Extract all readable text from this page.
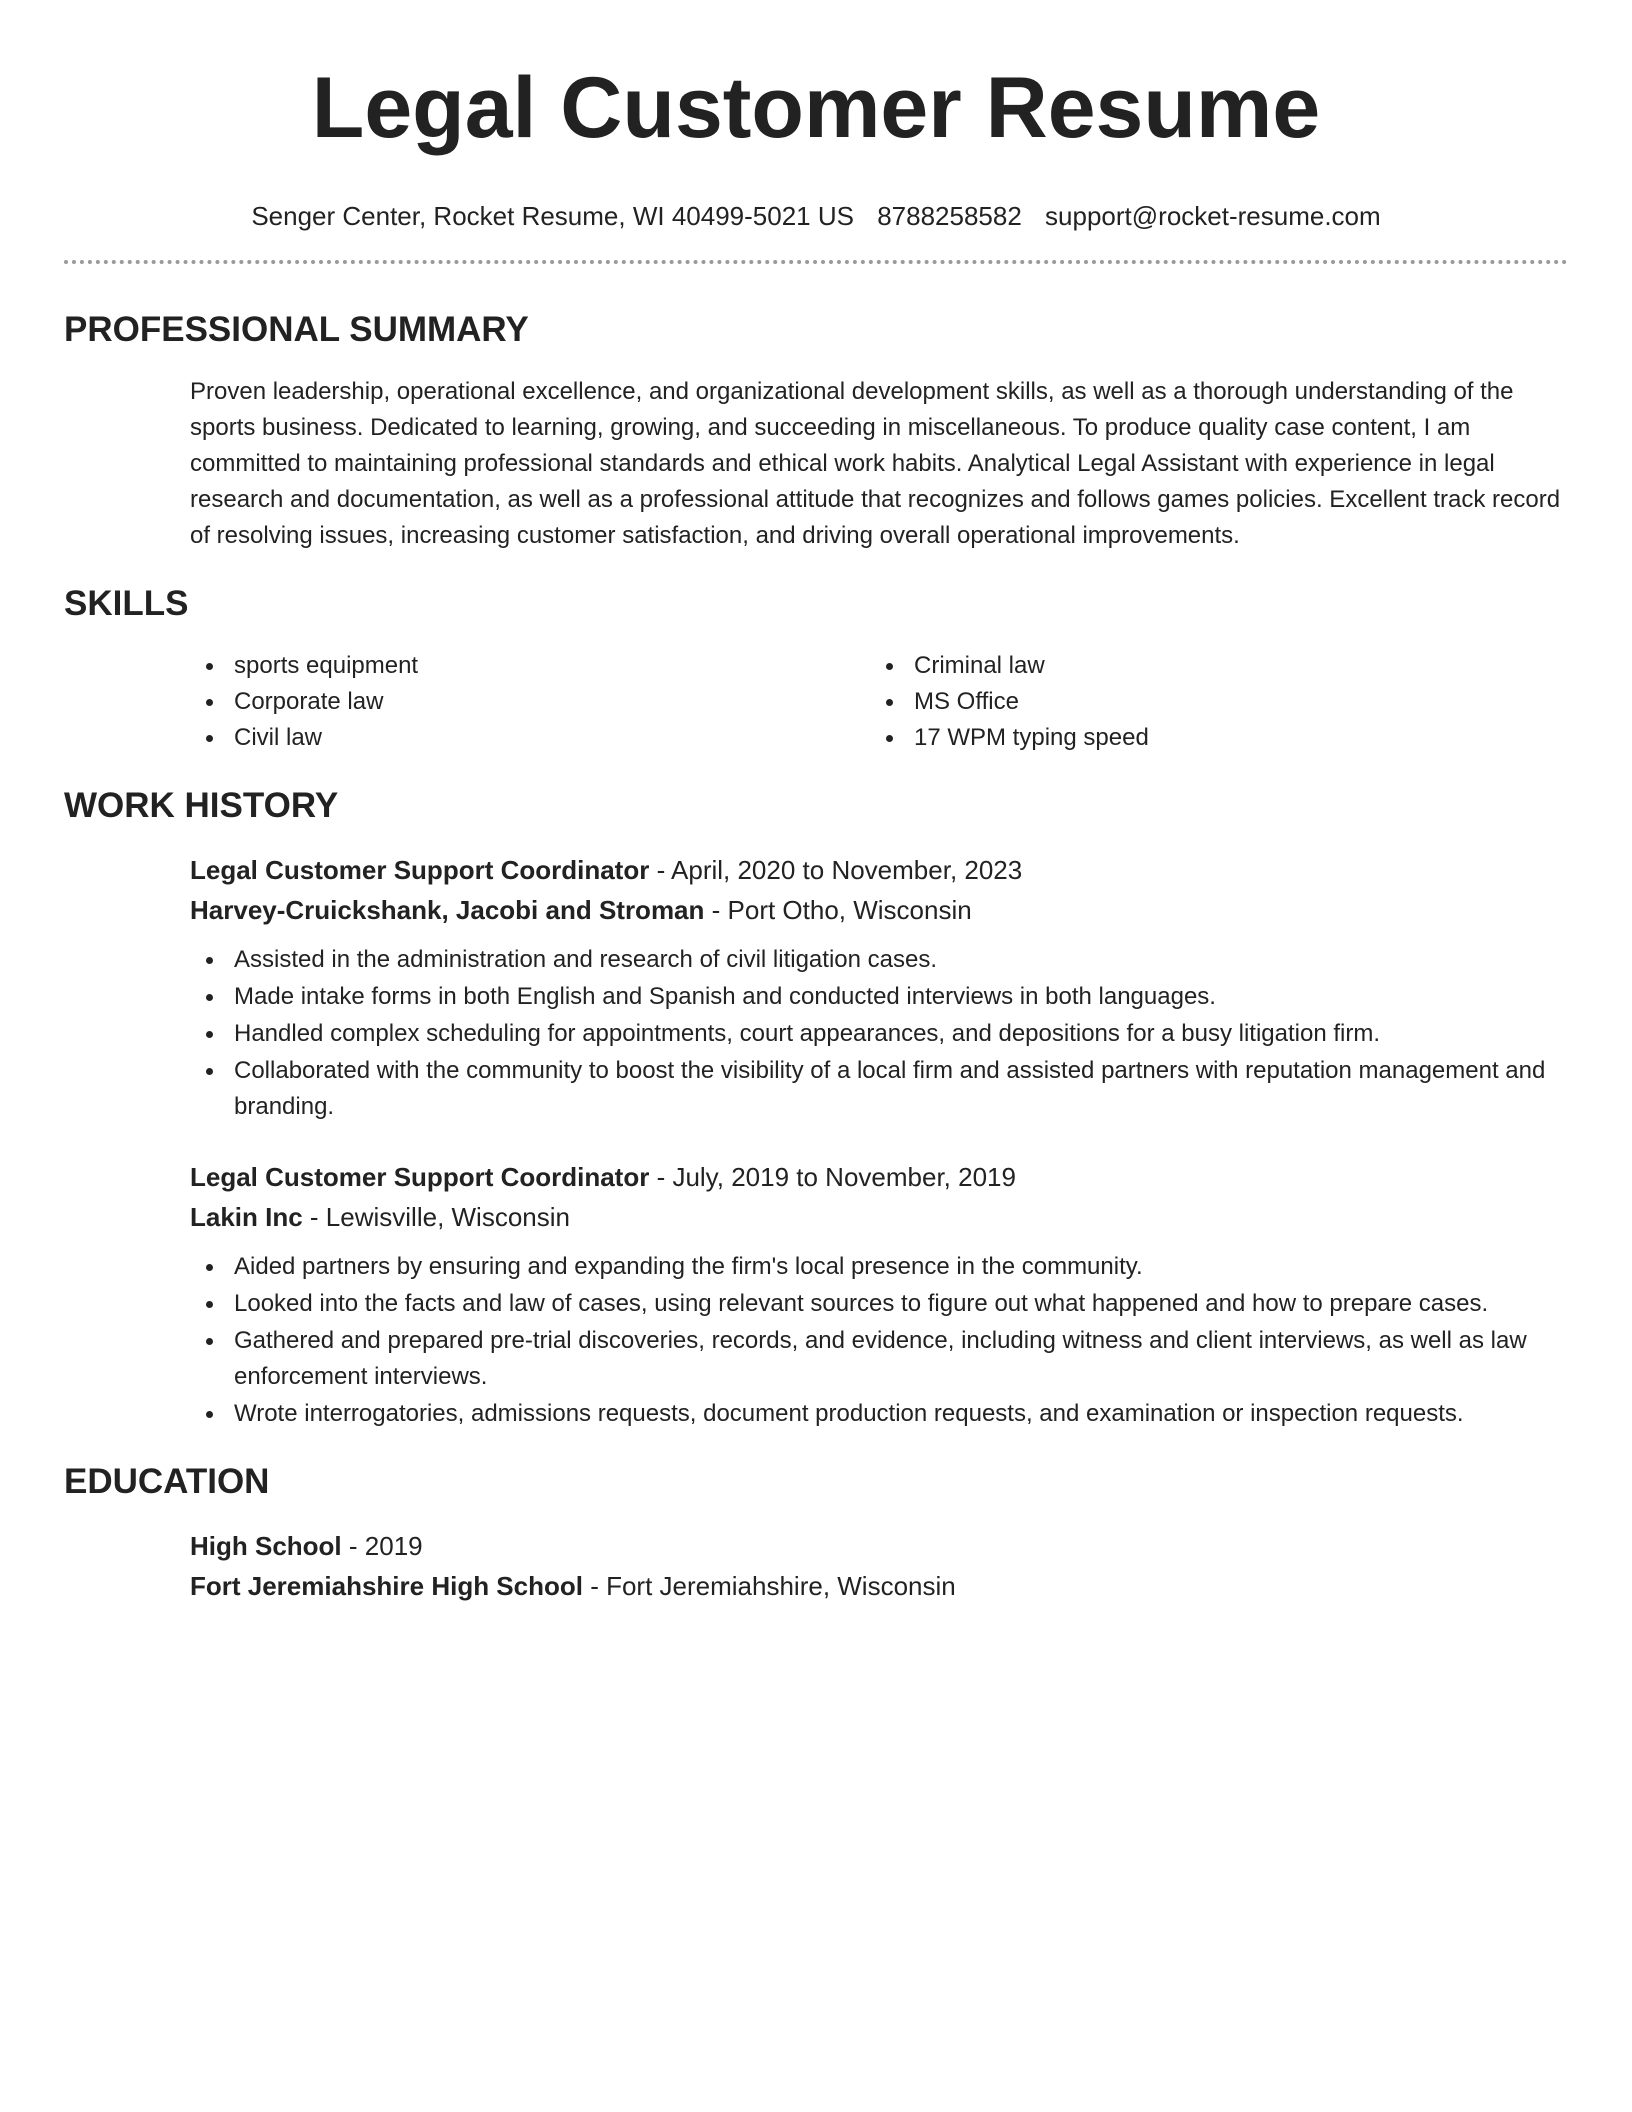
Legal Customer Resume
Senger Center, Rocket Resume, WI 40499-5021 US 8788258582 support@rocket-resume.com
PROFESSIONAL SUMMARY

Proven leadership, operational excellence, and organizational development skills, as well as a thorough understanding of the sports business. Dedicated to learning, growing, and succeeding in miscellaneous. To produce quality case content, I am committed to maintaining professional standards and ethical work habits. Analytical Legal Assistant with experience in legal research and documentation, as well as a professional attitude that recognizes and follows games policies. Excellent track record of resolving issues, increasing customer satisfaction, and driving overall operational improvements.

SKILLS
sports equipment
Corporate law
Civil law
Criminal law
MS Office
17 WPM typing speed
WORK HISTORY
Legal Customer Support Coordinator - April, 2020 to November, 2023
Harvey-Cruickshank, Jacobi and Stroman - Port Otho, Wisconsin
Assisted in the administration and research of civil litigation cases.
Made intake forms in both English and Spanish and conducted interviews in both languages.
Handled complex scheduling for appointments, court appearances, and depositions for a busy litigation firm.
Collaborated with the community to boost the visibility of a local firm and assisted partners with reputation management and branding.
Legal Customer Support Coordinator - July, 2019 to November, 2019
Lakin Inc - Lewisville, Wisconsin
Aided partners by ensuring and expanding the firm's local presence in the community.
Looked into the facts and law of cases, using relevant sources to figure out what happened and how to prepare cases.
Gathered and prepared pre-trial discoveries, records, and evidence, including witness and client interviews, as well as law enforcement interviews.
Wrote interrogatories, admissions requests, document production requests, and examination or inspection requests.
EDUCATION
High School - 2019
Fort Jeremiahshire High School - Fort Jeremiahshire, Wisconsin
